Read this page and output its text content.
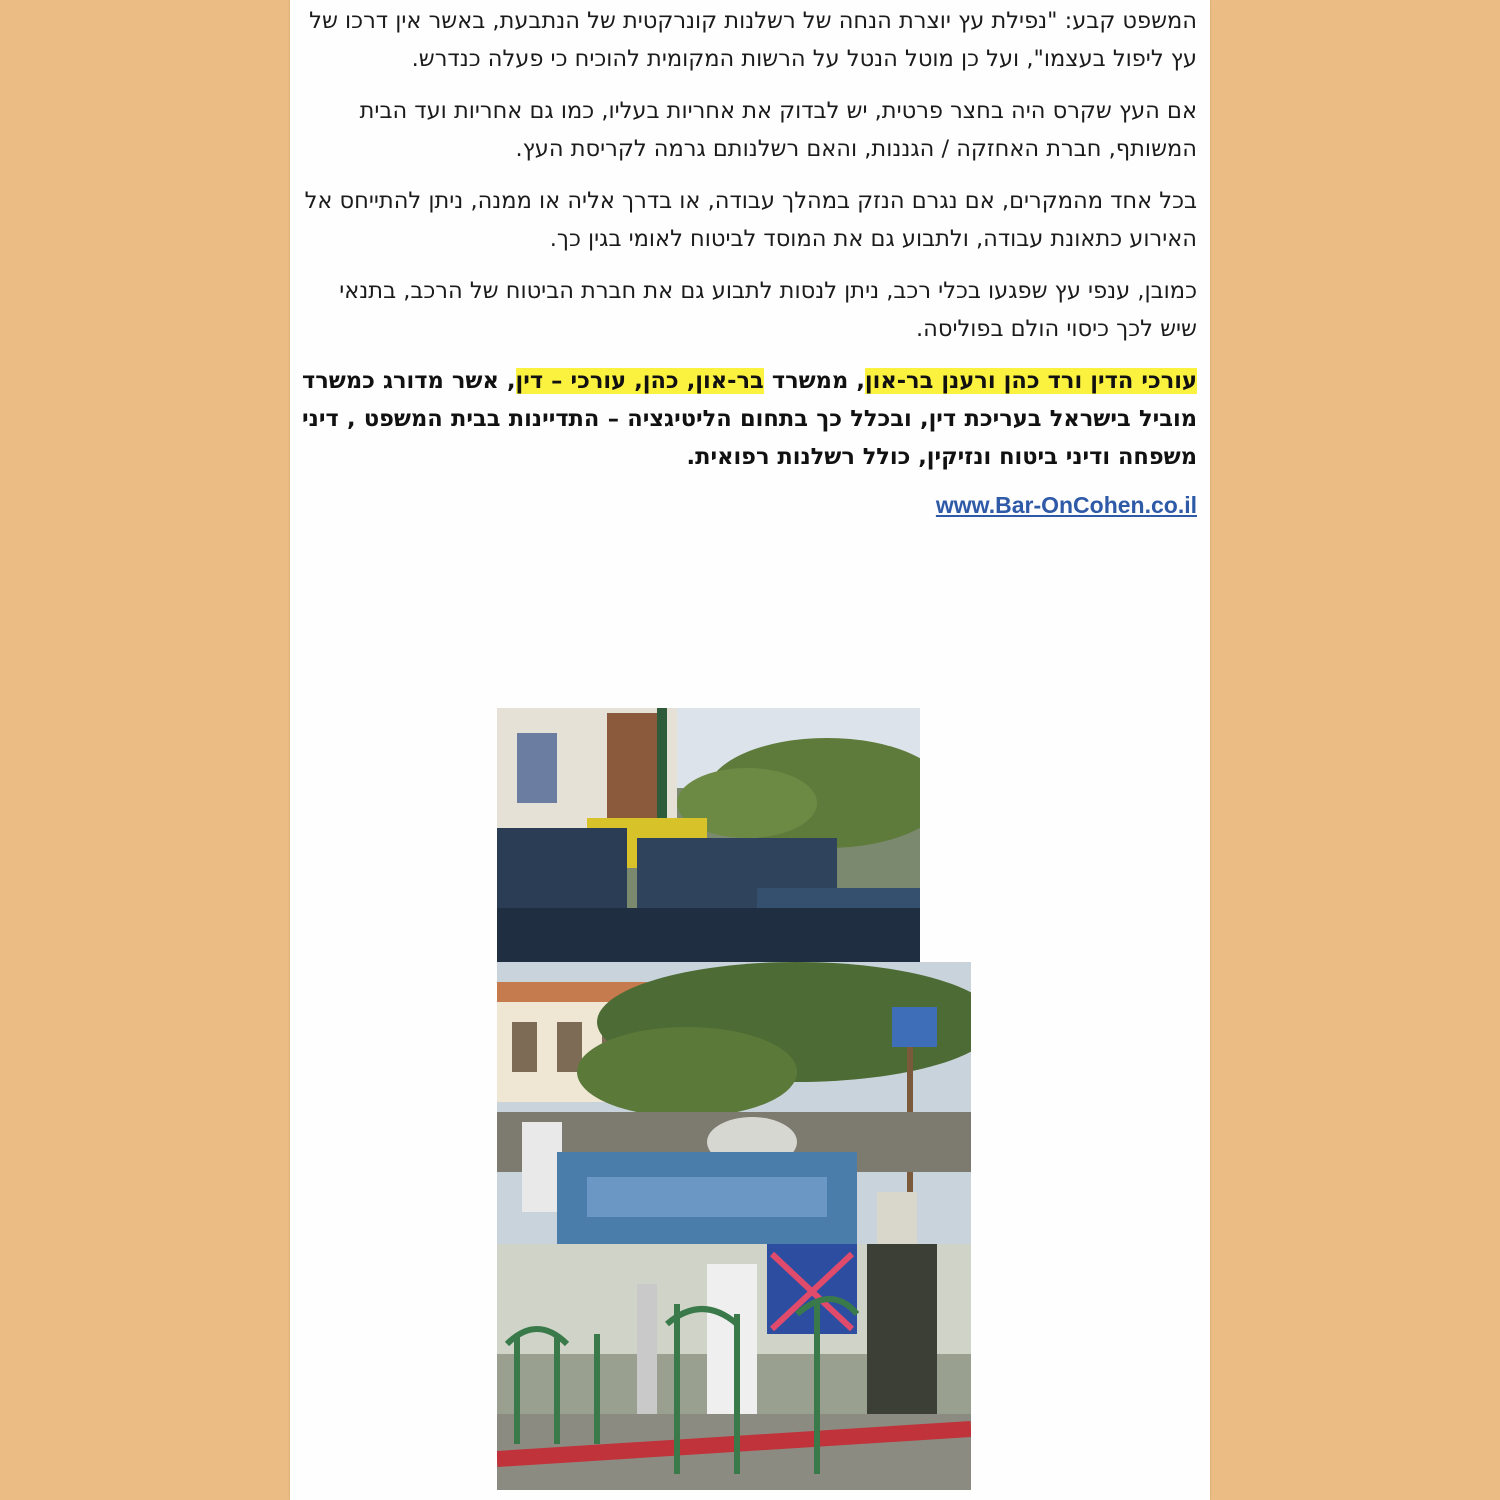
המשפט קבע: "נפילת עץ יוצרת הנחה של רשלנות קונרקטית של הנתבעת, באשר אין דרכו של עץ ליפול בעצמו", ועל כן מוטל הנטל על הרשות המקומית להוכיח כי פעלה כנדרש.

אם העץ שקרס היה בחצר פרטית, יש לבדוק את אחריות בעליו, כמו גם אחריות ועד הבית המשותף, חברת האחזקה / הגננות, והאם רשלנותם גרמה לקריסת העץ.

בכל אחד מהמקרים, אם נגרם הנזק במהלך עבודה, או בדרך אליה או ממנה, ניתן להתייחס אל האירוע כתאונת עבודה, ולתבוע גם את המוסד לביטוח לאומי בגין כך.

כמובן, ענפי עץ שפגעו בכלי רכב, ניתן לנסות לתבוע גם את חברת הביטוח של הרכב, בתנאי שיש לכך כיסוי הולם בפוליסה.

עורכי הדין ורד כהן ורענן בר-און, ממשרד בר-און, כהן, עורכי – דין, אשר מדורג כמשרד מוביל בישראל בעריכת דין, ובכלל כך בתחום הליטיגציה – התדיינות בבית המשפט , דיני משפחה ודיני ביטוח ונזיקין, כולל רשלנות רפואית.

www.Bar-OnCohen.co.il
